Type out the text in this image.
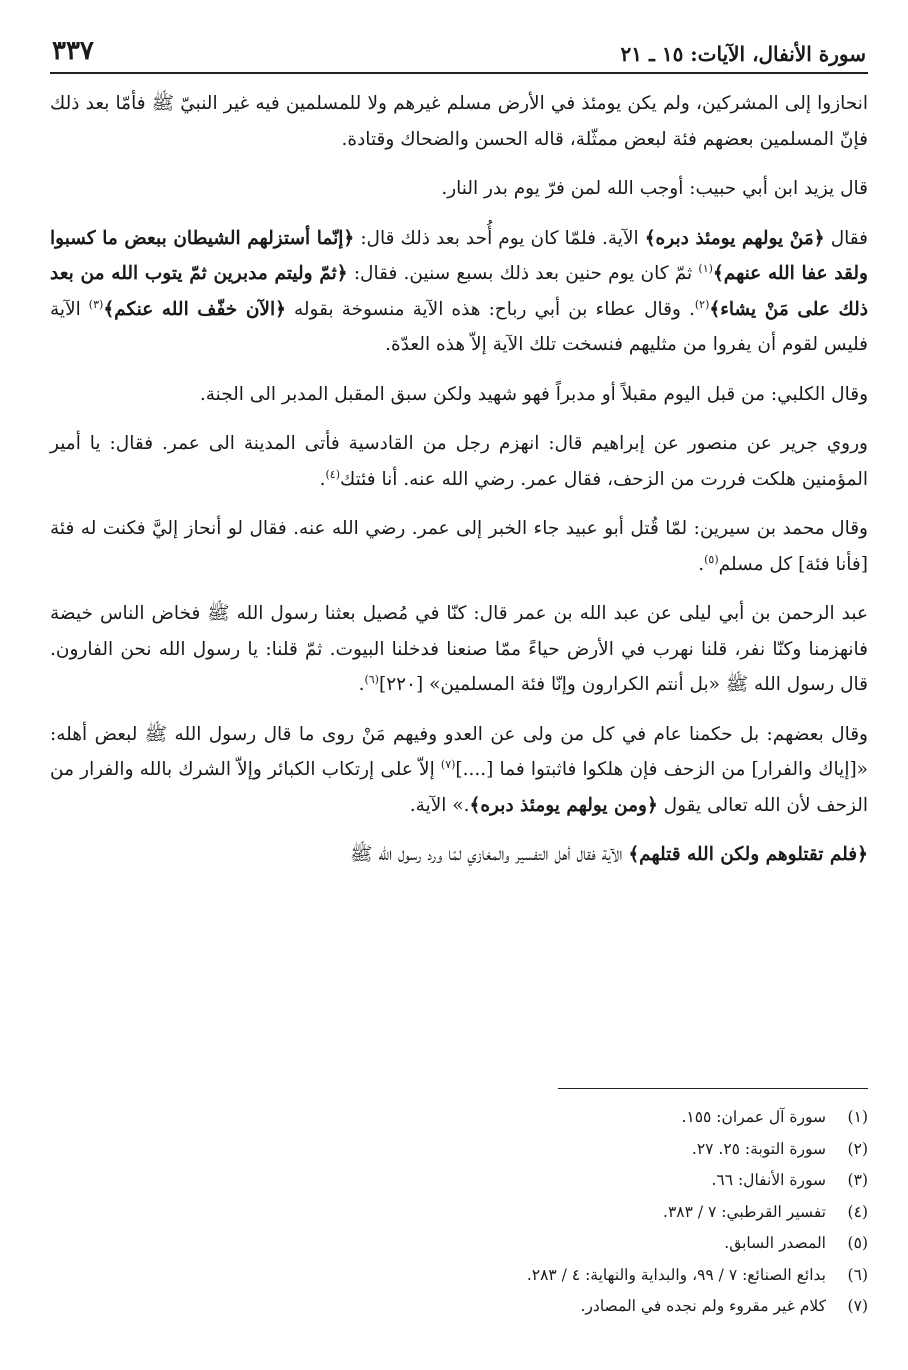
سورة الأنفال، الآيات: ١٥ ـ ٢١
٣٣٧

انحازوا إلى المشركين، ولم يكن يومئذ في الأرض مسلم غيرهم ولا للمسلمين فيه غير النبيّ ﷺ فأمّا بعد ذلك فإنّ المسلمين بعضهم فئة لبعض ممثّلة، قاله الحسن والضحاك وقتادة.

قال يزيد ابن أبي حبيب: أوجب الله لمن فرّ يوم بدر النار.

فقال ﴿مَنْ يولهم يومئذ دبره﴾ الآية. فلمّا كان يوم أُحد بعد ذلك قال: ﴿إنّما أستزلهم الشيطان ببعض ما كسبوا ولقد عفا الله عنهم﴾$^{(١)}$ ثمّ كان يوم حنين بعد ذلك بسبع سنين. فقال: ﴿ثمّ وليتم مدبرين ثمّ يتوب الله من بعد ذلك على مَنْ يشاء﴾$^{(٢)}$. وقال عطاء بن أبي رباح: هذه الآية منسوخة بقوله ﴿الآن خفّف الله عنكم﴾$^{(٣)}$ الآية فليس لقوم أن يفروا من مثليهم فنسخت تلك الآية إلاّ هذه العدّة.

وقال الكلبي: من قبل اليوم مقبلاً أو مدبراً فهو شهيد ولكن سبق المقبل المدبر الى الجنة.

وروي جرير عن منصور عن إبراهيم قال: انهزم رجل من القادسية فأتى المدينة الى عمر. فقال: يا أمير المؤمنين هلكت فررت من الزحف، فقال عمر. رضي الله عنه. أنا فئتك$^{(٤)}$.

وقال محمد بن سيرين: لمّا قُتل أبو عبيد جاء الخبر إلى عمر. رضي الله عنه. فقال لو أنحاز إليَّ فكنت له فئة [فأنا فئة] كل مسلم$^{(٥)}$.

عبد الرحمن بن أبي ليلى عن عبد الله بن عمر قال: كنّا في مُصيل بعثنا رسول الله ﷺ فخاض الناس خيضة فانهزمنا وكنّا نفر، قلنا نهرب في الأرض حياءً ممّا صنعنا فدخلنا البيوت. ثمّ قلنا: يا رسول الله نحن الفارون. قال رسول الله ﷺ «بل أنتم الكرارون وإنّا فئة المسلمين» [٢٢٠]$^{(٦)}$.

وقال بعضهم: بل حكمنا عام في كل من ولى عن العدو وفيهم مَنْ روى ما قال رسول الله ﷺ لبعض أهله: «[إياك والفرار] من الزحف فإن هلكوا فاثبتوا فما [....]$^{(٧)}$ إلاّ على إرتكاب الكبائر وإلاّ الشرك بالله والفرار من الزحف لأن الله تعالى يقول ﴿ومن يولهم يومئذ دبره﴾.» الآية.

﴿فلم تقتلوهم ولكن الله قتلهم﴾ الآية فقال أهل التفسير والمغازي لمّا ورد رسول الله ﷺ

(١)
سورة آل عمران: ١٥٥.
(٢)
سورة التوبة: ٢٥. ٢٧.
(٣)
سورة الأنفال: ٦٦.
(٤)
تفسير القرطبي: ٧ / ٣٨٣.
(٥)
المصدر السابق.
(٦)
بدائع الصنائع: ٧ / ٩٩، والبداية والنهاية: ٤ / ٢٨٣.
(٧)
كلام غير مقروء ولم نجده في المصادر.
